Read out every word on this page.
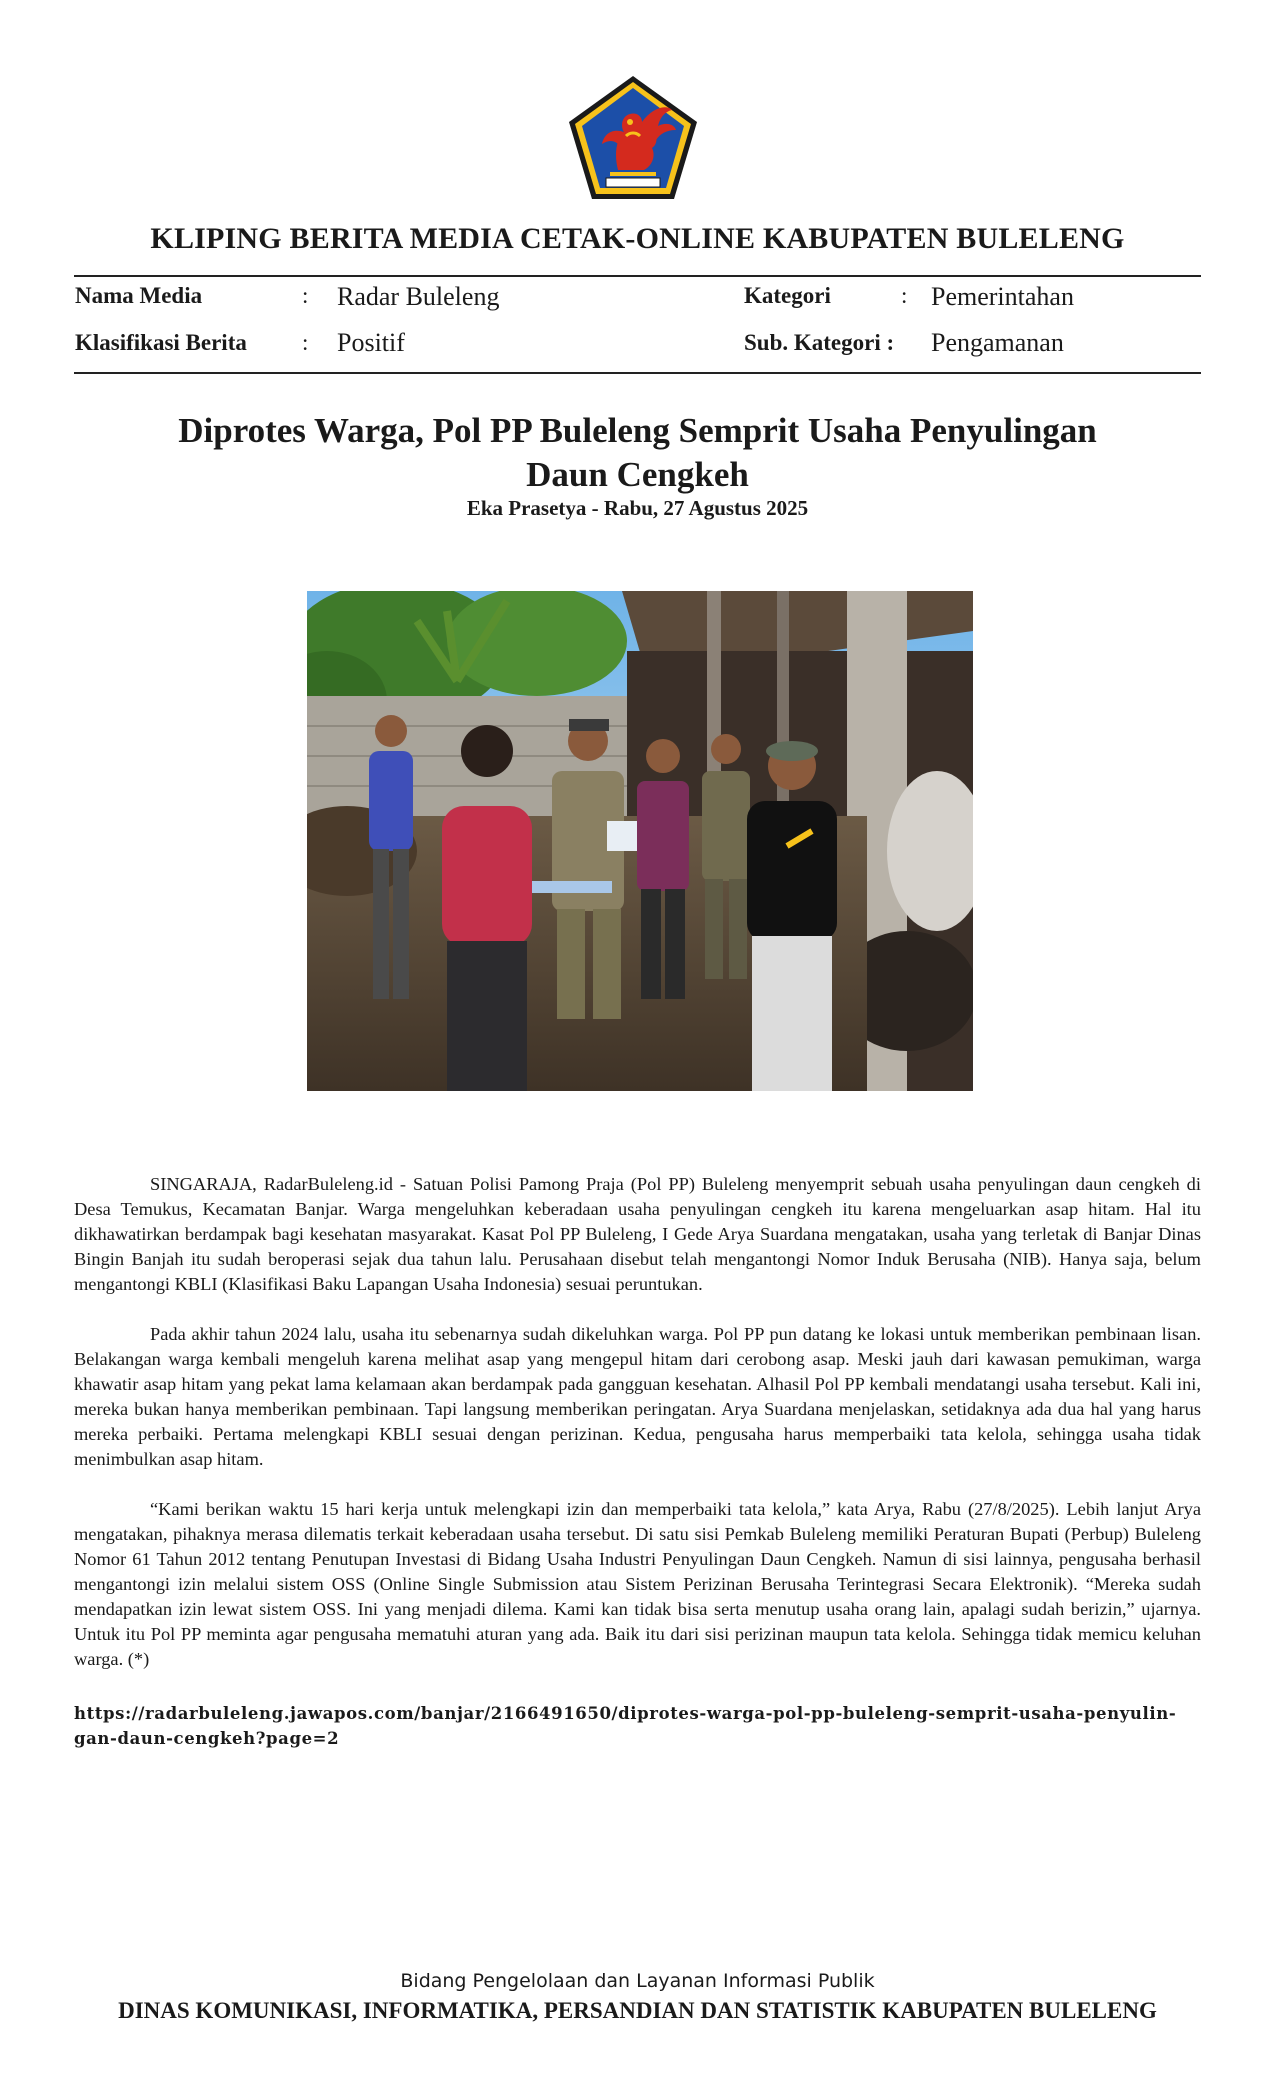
KLIPING BERITA MEDIA CETAK-ONLINE KABUPATEN BULELENG
Nama Media	: Radar Buleleng	Kategori	: Pemerintahan
Klasifikasi Berita : Positif	Sub. Kategori : Pengamanan
Diprotes Warga, Pol PP Buleleng Semprit Usaha Penyulingan
Daun Cengkeh
Eka Prasetya - Rabu, 27 Agustus 2025

SINGARAJA, RadarBuleleng.id - Satuan Polisi Pamong Praja (Pol PP) Buleleng menyemprit sebuah usaha penyulingan daun cengkeh di Desa Temukus, Kecamatan Banjar. Warga mengeluhkan keberadaan usaha penyulingan cengkeh itu karena mengeluarkan asap hitam. Hal itu dikhawatirkan berdampak bagi kesehatan masyarakat. Kasat Pol PP Buleleng, I Gede Arya Suardana mengatakan, usaha yang terletak di Banjar Dinas Bingin Banjah itu sudah beroperasi sejak dua tahun lalu. Perusahaan disebut telah mengantongi Nomor Induk Berusaha (NIB). Hanya saja, belum mengantongi KBLI (Klasifikasi Baku Lapangan Usaha Indonesia) sesuai peruntukan.

Pada akhir tahun 2024 lalu, usaha itu sebenarnya sudah dikeluhkan warga. Pol PP pun datang ke lokasi untuk memberikan pembinaan lisan. Belakangan warga kembali mengeluh karena melihat asap yang mengepul hitam dari cerobong asap. Meski jauh dari kawasan pemukiman, warga khawatir asap hitam yang pekat lama kelamaan akan berdampak pada gangguan kesehatan. Alhasil Pol PP kembali mendatangi usaha tersebut. Kali ini, mereka bukan hanya memberikan pembinaan. Tapi langsung memberikan peringatan. Arya Suardana menjelaskan, setidaknya ada dua hal yang harus mereka perbaiki. Pertama melengkapi KBLI sesuai dengan perizinan. Kedua, pengusaha harus memperbaiki tata kelola, sehingga usaha tidak menimbulkan asap hitam.

“Kami berikan waktu 15 hari kerja untuk melengkapi izin dan memperbaiki tata kelola,” kata Arya, Rabu (27/8/2025). Lebih lanjut Arya mengatakan, pihaknya merasa dilematis terkait keberadaan usaha tersebut. Di satu sisi Pemkab Buleleng memiliki Peraturan Bupati (Perbup) Buleleng Nomor 61 Tahun 2012 tentang Penutupan Investasi di Bidang Usaha Industri Penyulingan Daun Cengkeh. Namun di sisi lainnya, pengusaha berhasil mengantongi izin melalui sistem OSS (Online Single Submission atau Sistem Perizinan Berusaha Terintegrasi Secara Elektronik). “Mereka sudah mendapatkan izin lewat sistem OSS. Ini yang menjadi dilema. Kami kan tidak bisa serta menutup usaha orang lain, apalagi sudah berizin,” ujarnya. Untuk itu Pol PP meminta agar pengusaha mematuhi aturan yang ada. Baik itu dari sisi perizinan maupun tata kelola. Sehingga tidak memicu keluhan warga. (*)

https://radarbuleleng.jawapos.com/banjar/2166491650/diprotes-warga-pol-pp-buleleng-semprit-usaha-penyulin-
gan-daun-cengkeh?page=2
Bidang Pengelolaan dan Layanan Informasi Publik
DINAS KOMUNIKASI, INFORMATIKA, PERSANDIAN DAN STATISTIK KABUPATEN BULELENG
